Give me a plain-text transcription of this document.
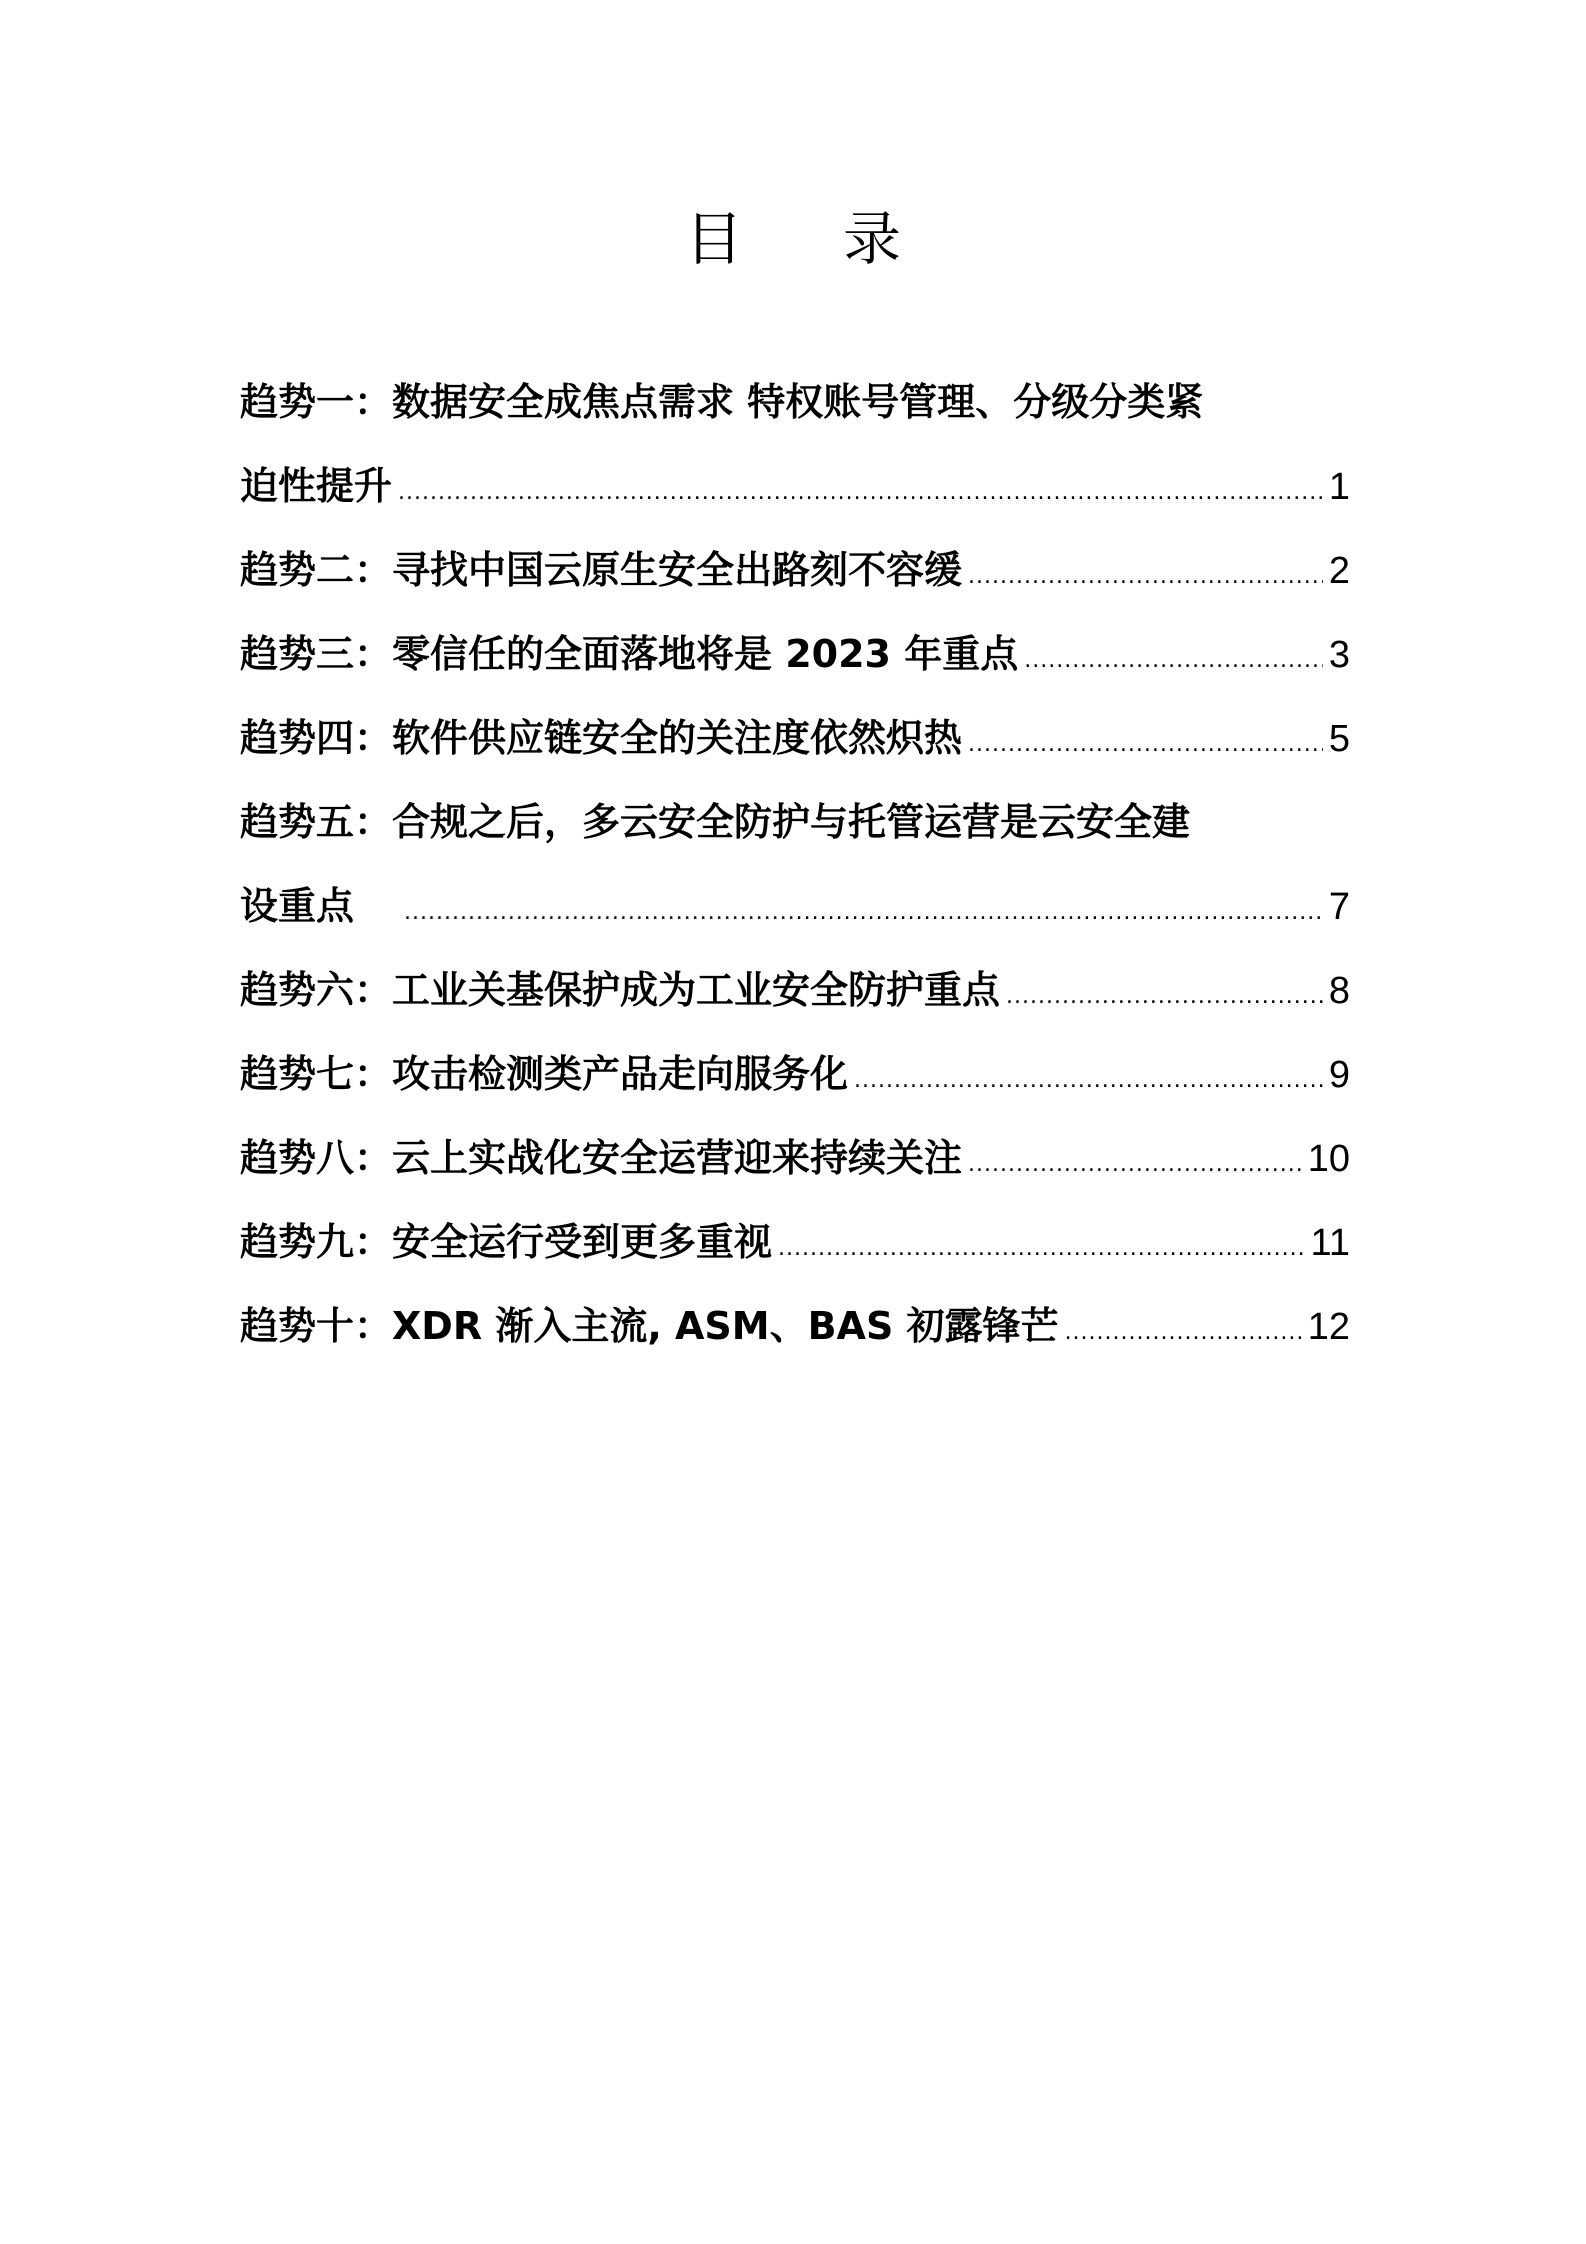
目 录
趋势一：数据安全成焦点需求 特权账号管理、分级分类紧
迫性提升 .....	1
趋势二：寻找中国云原生安全出路刻不容缓 .....	2
趋势三：零信任的全面落地将是 2023 年重点 .....	3
趋势四：软件供应链安全的关注度依然炽热 .....	5
趋势五：合规之后，多云安全防护与托管运营是云安全建
设重点 .....	7
趋势六：工业关基保护成为工业安全防护重点 .....	8
趋势七：攻击检测类产品走向服务化 .....	9
趋势八：云上实战化安全运营迎来持续关注 .....	10
趋势九：安全运行受到更多重视 .....	11
趋势十：XDR 渐入主流, ASM、BAS 初露锋芒 .....	12
